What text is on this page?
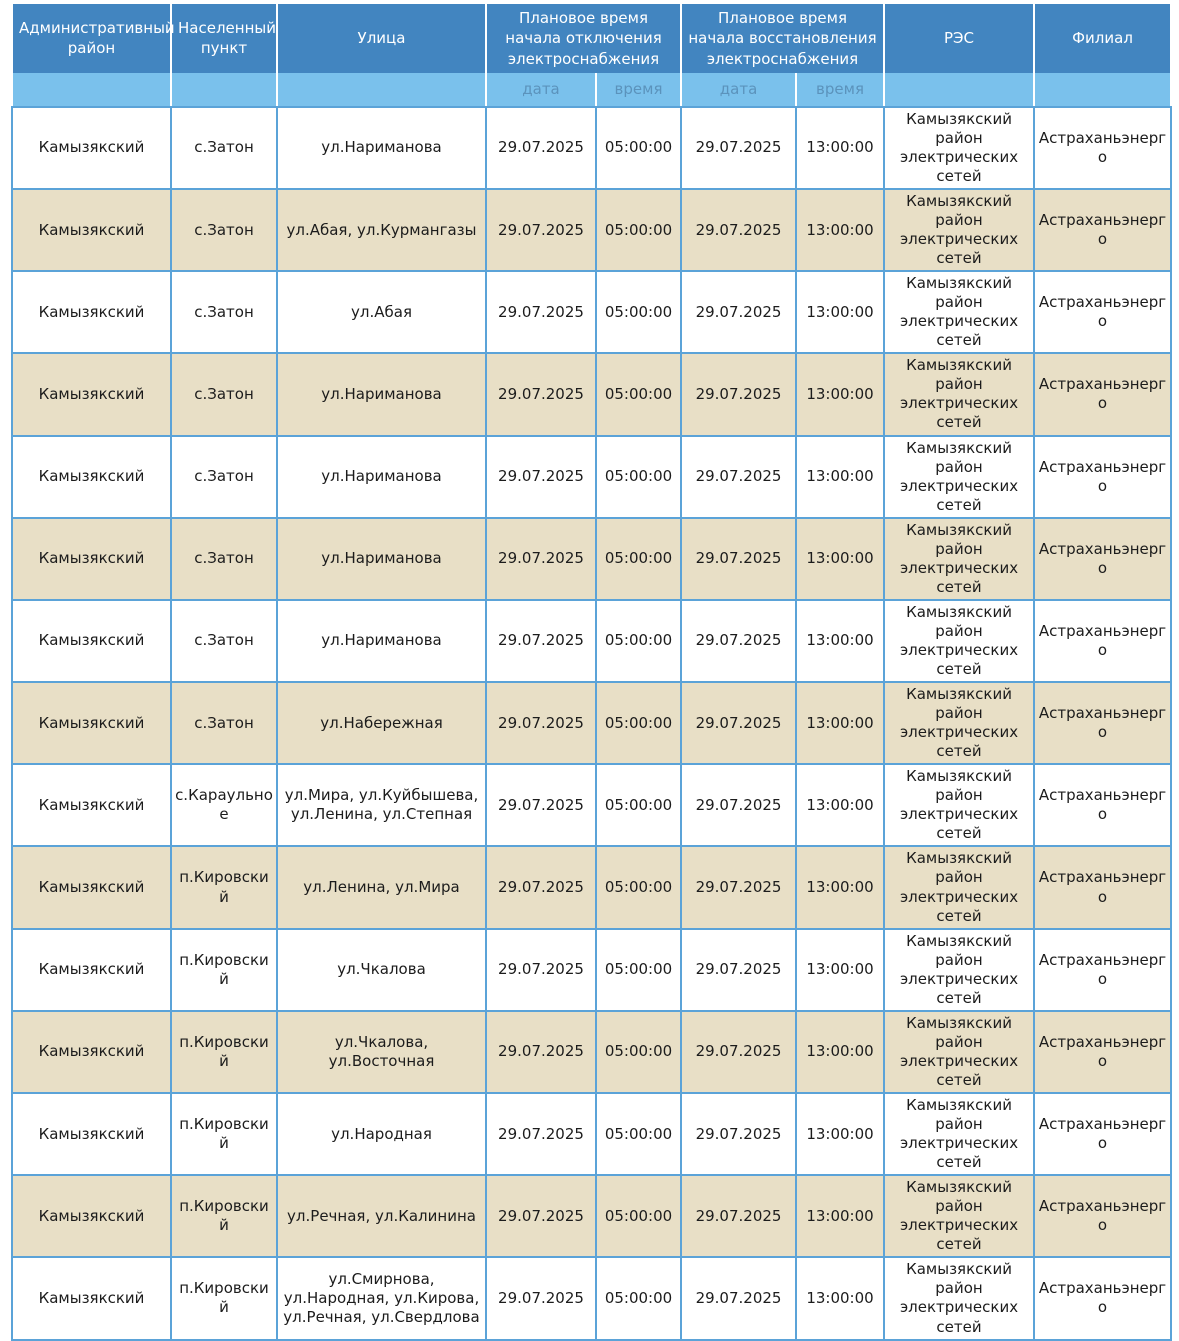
Административный район	Населенный пункт	Улица	Плановое время начала отключения электроснабжения		Плановое время начала восстановления электроснабжения		РЭС	Филиал
			дата	время	дата	время		
Камызякский	с.Затон	ул.Нариманова	29.07.2025	05:00:00	29.07.2025	13:00:00	Камызякский район электрических сетей	Астраханьэнерго
Камызякский	с.Затон	ул.Абая, ул.Курмангазы	29.07.2025	05:00:00	29.07.2025	13:00:00	Камызякский район электрических сетей	Астраханьэнерго
Камызякский	с.Затон	ул.Абая	29.07.2025	05:00:00	29.07.2025	13:00:00	Камызякский район электрических сетей	Астраханьэнерго
Камызякский	с.Затон	ул.Нариманова	29.07.2025	05:00:00	29.07.2025	13:00:00	Камызякский район электрических сетей	Астраханьэнерго
Камызякский	с.Затон	ул.Нариманова	29.07.2025	05:00:00	29.07.2025	13:00:00	Камызякский район электрических сетей	Астраханьэнерго
Камызякский	с.Затон	ул.Нариманова	29.07.2025	05:00:00	29.07.2025	13:00:00	Камызякский район электрических сетей	Астраханьэнерго
Камызякский	с.Затон	ул.Нариманова	29.07.2025	05:00:00	29.07.2025	13:00:00	Камызякский район электрических сетей	Астраханьэнерго
Камызякский	с.Затон	ул.Набережная	29.07.2025	05:00:00	29.07.2025	13:00:00	Камызякский район электрических сетей	Астраханьэнерго
Камызякский	с.Караульное	ул.Мира, ул.Куйбышева, ул.Ленина, ул.Степная	29.07.2025	05:00:00	29.07.2025	13:00:00	Камызякский район электрических сетей	Астраханьэнерго
Камызякский	п.Кировский	ул.Ленина, ул.Мира	29.07.2025	05:00:00	29.07.2025	13:00:00	Камызякский район электрических сетей	Астраханьэнерго
Камызякский	п.Кировский	ул.Чкалова	29.07.2025	05:00:00	29.07.2025	13:00:00	Камызякский район электрических сетей	Астраханьэнерго
Камызякский	п.Кировский	ул.Чкалова, ул.Восточная	29.07.2025	05:00:00	29.07.2025	13:00:00	Камызякский район электрических сетей	Астраханьэнерго
Камызякский	п.Кировский	ул.Народная	29.07.2025	05:00:00	29.07.2025	13:00:00	Камызякский район электрических сетей	Астраханьэнерго
Камызякский	п.Кировский	ул.Речная, ул.Калинина	29.07.2025	05:00:00	29.07.2025	13:00:00	Камызякский район электрических сетей	Астраханьэнерго
Камызякский	п.Кировский	ул.Смирнова, ул.Народная, ул.Кирова, ул.Речная, ул.Свердлова	29.07.2025	05:00:00	29.07.2025	13:00:00	Камызякский район электрических сетей	Астраханьэнерго
